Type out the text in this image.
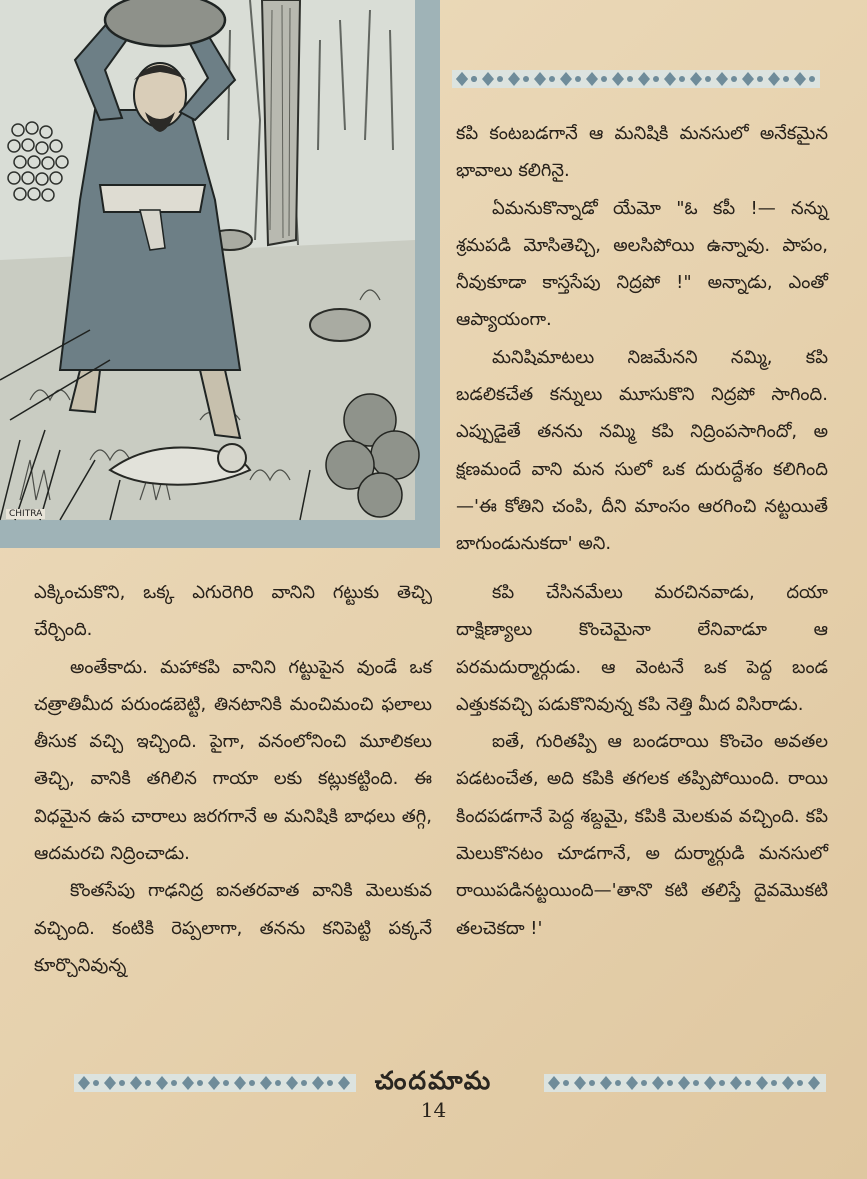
CHITRA

కపి కంటబడగానే ఆ మనిషికి మనసులో అనేకమైన భావాలు కలిగినై.

ఏమనుకొన్నాడో యేమో "ఓ కపీ !— నన్ను శ్రమపడి మోసితెచ్చి, అలసిపోయి ఉన్నావు. పాపం, నీవుకూడా కాస్తసేపు నిద్రపో !" అన్నాడు, ఎంతో ఆప్యాయంగా.

మనిషిమాటలు నిజమేనని నమ్మి, కపి బడలికచేత కన్నులు మూసుకొని నిద్రపో సాగింది. ఎప్పుడైతే తనను నమ్మి కపి నిద్రింపసాగిందో, అ క్షణమందే వాని మన సులో ఒక దురుద్దేశం కలిగింది—'ఈ కోతిని చంపి, దీని మాంసం ఆరగించి నట్టయితే బాగుండునుకదా' అని.

ఎక్కించుకొని, ఒక్క ఎగురెగిరి వానిని గట్టుకు తెచ్చి చేర్చింది.

అంతేకాదు. మహాకపి వానిని గట్టుపైన వుండే ఒక చత్రాతిమీద పరుండబెట్టి, తినటానికి మంచిమంచి ఫలాలు తీసుక వచ్చి ఇచ్చింది. పైగా, వనంలోనించి మూలికలు తెచ్చి, వానికి తగిలిన గాయా లకు కట్లుకట్టింది. ఈ విధమైన ఉప చారాలు జరగగానే అ మనిషికి బాధలు తగ్గి, ఆదమరచి నిద్రించాడు.

కొంతసేపు గాఢనిద్ర ఐనతరవాత వానికి మెలుకువ వచ్చింది. కంటికి రెప్పలాగా, తనను కనిపెట్టి పక్కనే కూర్చొనివున్న

కపి చేసినమేలు మరచినవాడు, దయా దాక్షిణ్యాలు కొంచెమైనా లేనివాడూ ఆ పరమదుర్మార్గుడు. ఆ వెంటనే ఒక పెద్ద బండ ఎత్తుకవచ్చి పడుకొనివున్న కపి నెత్తి మీద విసిరాడు.

ఐతే, గురితప్పి ఆ బండరాయి కొంచెం అవతల పడటంచేత, అది కపికి తగలక తప్పిపోయింది. రాయి కిందపడగానే పెద్ద శబ్దమై, కపికి మెలకువ వచ్చింది. కపి మెలుకొనటం చూడగానే, అ దుర్మార్గుడి మనసులో రాయిపడినట్టయింది—'తానొ కటి తలిస్తే దైవమొకటి తలచెకదా !'

చందమామ
14
